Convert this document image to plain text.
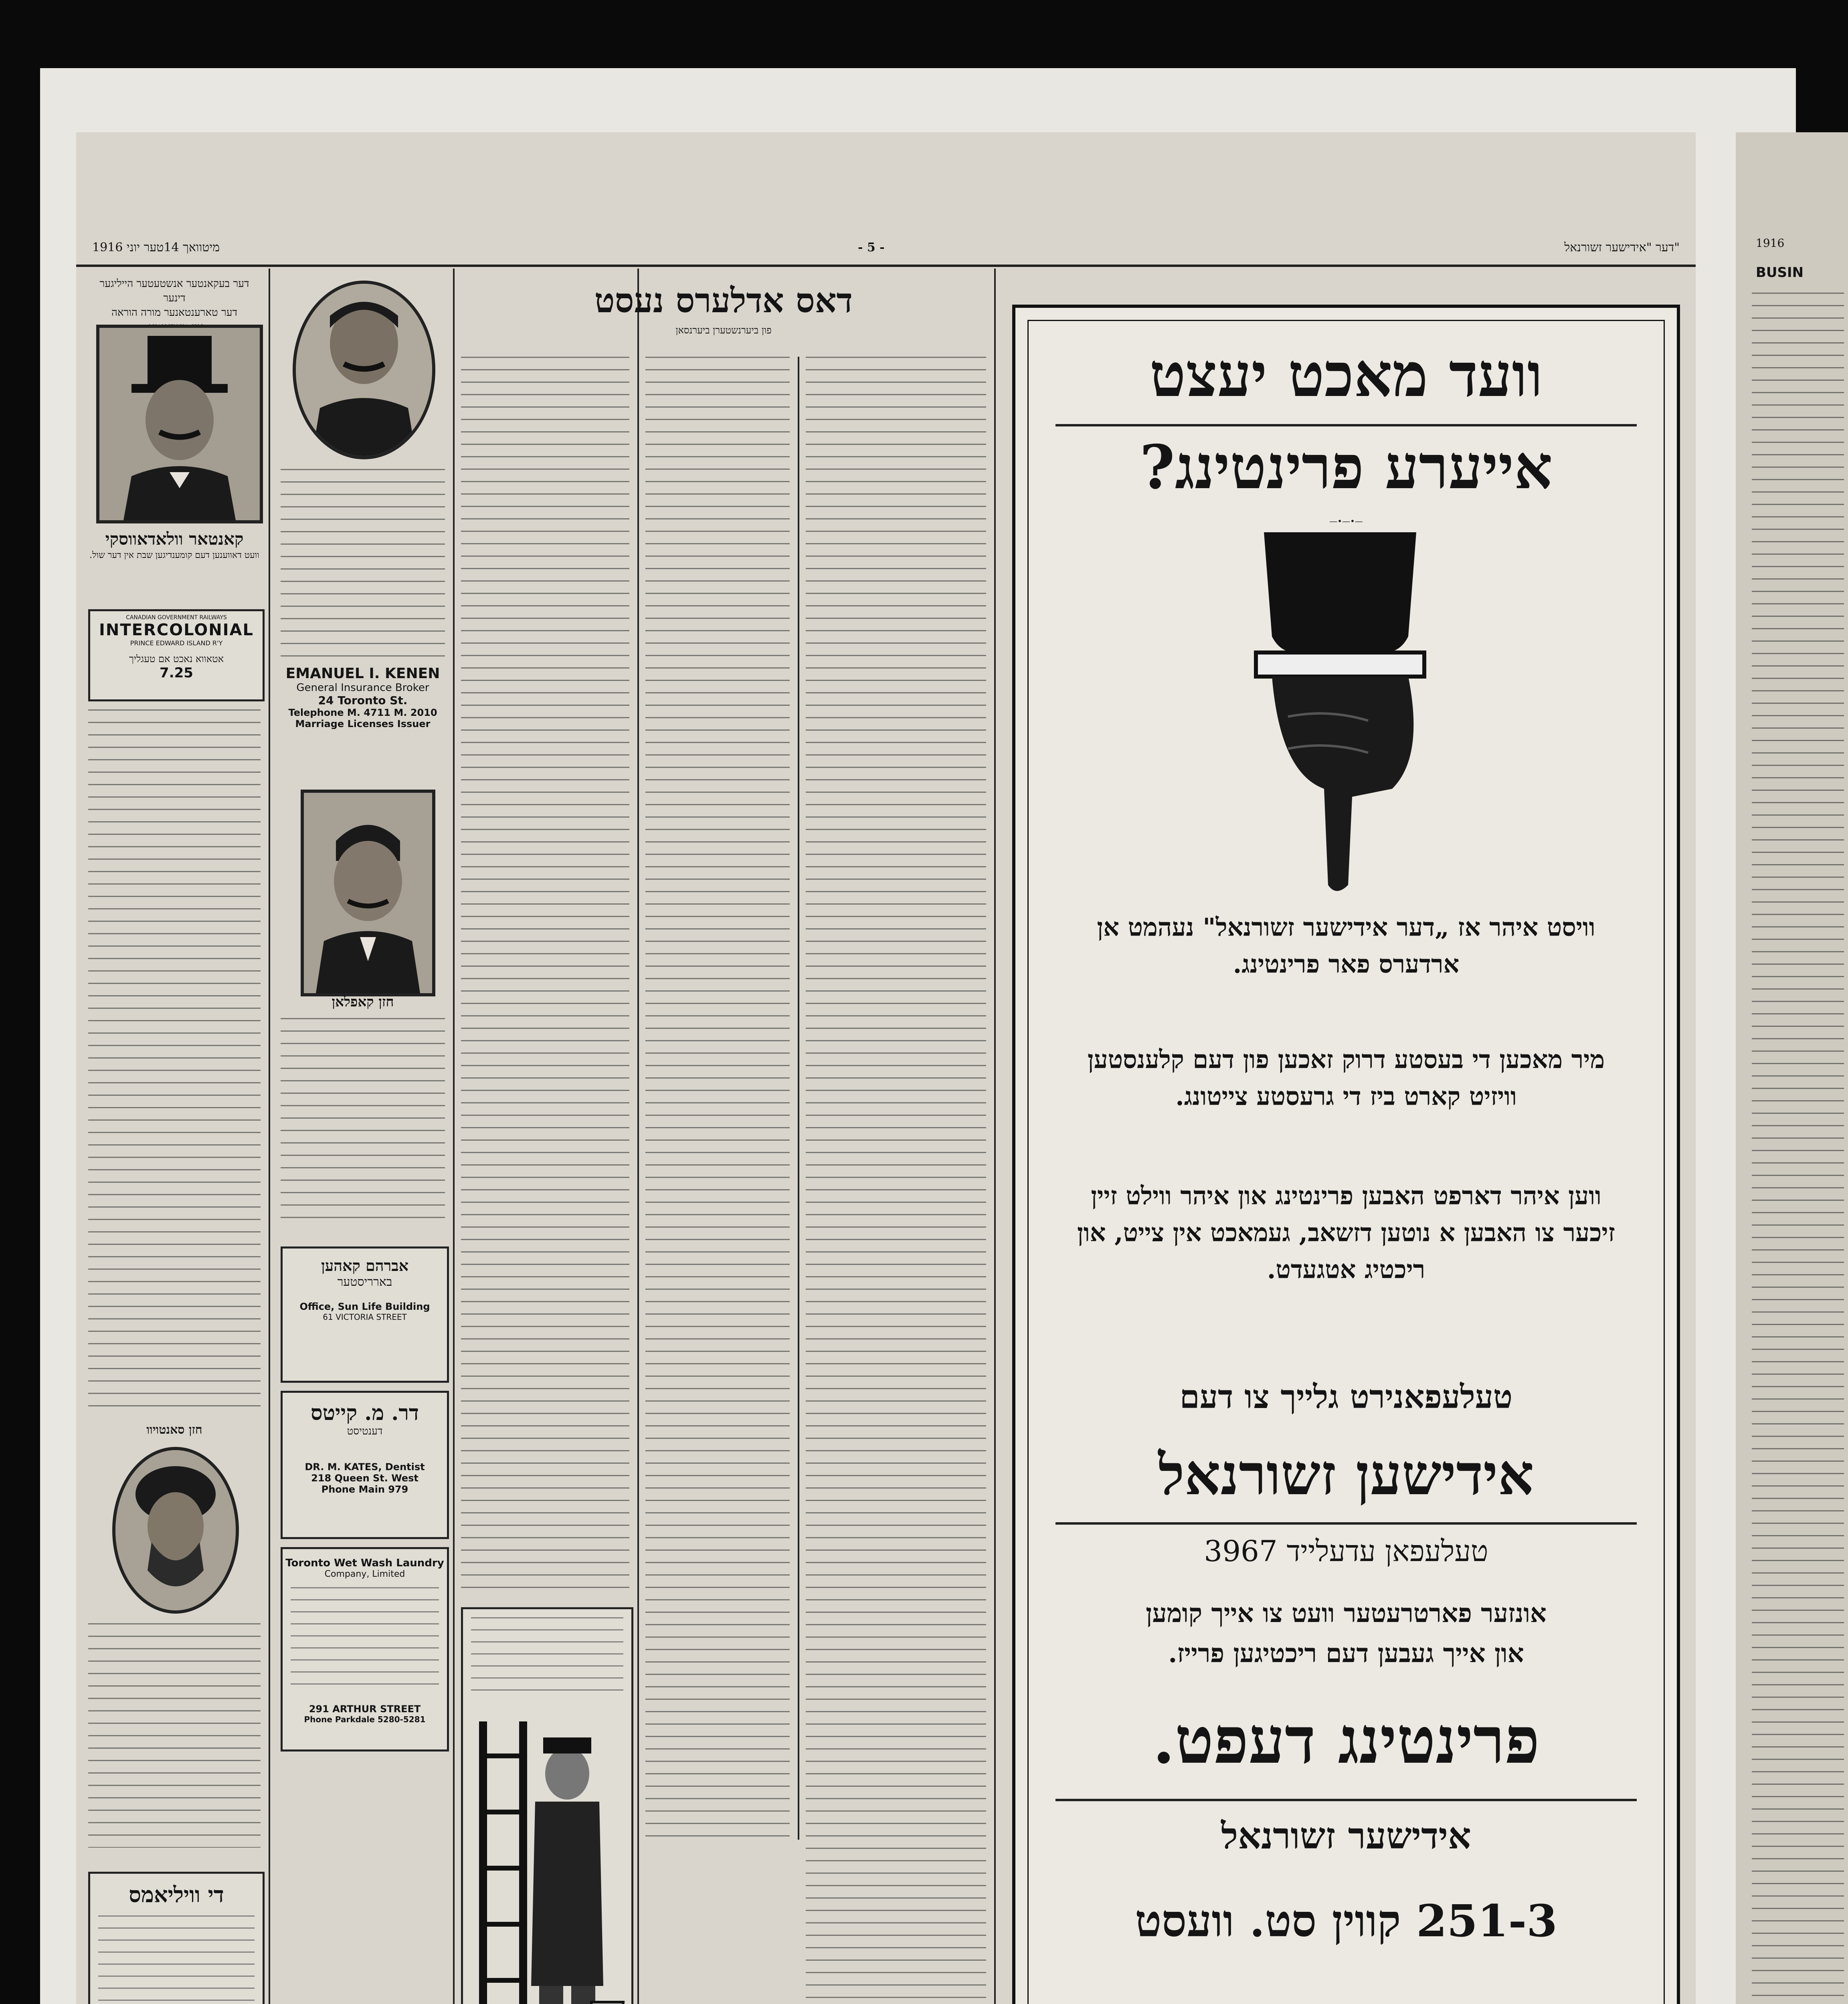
מיטוואך 14טער יוני 1916	- 5 -	דער "אידישער זשורנאל"
דער בעקאנטער אנשטעטער הייליגער דינער
דער טארענטאנער מורה הוראה
קאנטאר וולאדאווסקי
וועט דאווענען דעם קומענדיגען שבת אין דער שול.
CANADIAN GOVERNMENT RAILWAYS
INTERCOLONIAL
PRINCE EDWARD ISLAND R'Y
אטאווא נאכט אם טעגליך
7.25
חזן סאנטויוו
די וויליאמס
EMANUEL I. KENEN
General Insurance Broker
24 Toronto St.
Telephone M. 4711 M. 2010
Marriage Licenses Issuer
חזן קאפלאן
אברהם קאהען
בארריסטער
Office, Sun Life Building
61 VICTORIA STREET
דר. מ. קייטס
דענטיסט
DR. M. KATES, Dentist
218 Queen St. West
Phone Main 979
Toronto Wet Wash Laundry
Company, Limited
291 ARTHUR STREET
Phone Parkdale 5280-5281
דאס אדלערס נעסט
פון ביערנשטערן ביערנסאן
וועד מאכט יעצט
אייערע פרינטינג?
—•—•—
וויסט איהר אז „דער אידישער זשורנאל" נעהמט אן ארדערס פאר פרינטינג.
מיר מאכען די בעסטע דרוק זאכען פון דעם קלענסטען וויזיט קארט ביז די גרעסטע צייטונג.
ווען איהר דארפט האבען פרינטינג און איהר ווילט זיין זיכער צו האבען א נוטען דזשאב, געמאכט אין צייט, און ריכטיג אטגעדט.
טעלעפאנירט גלייך צו דעם
אידישען זשורנאל
טעלעפאן עדעלייד 3967
אונזער פארטרעטער וועט צו אייך קומען
און אייך געבען דעם ריכטיגען פרייז.
פרינטינג דעפט.
אידישער זשורנאל
251-3 קווין סט. וועסט
1916
BUSIN
